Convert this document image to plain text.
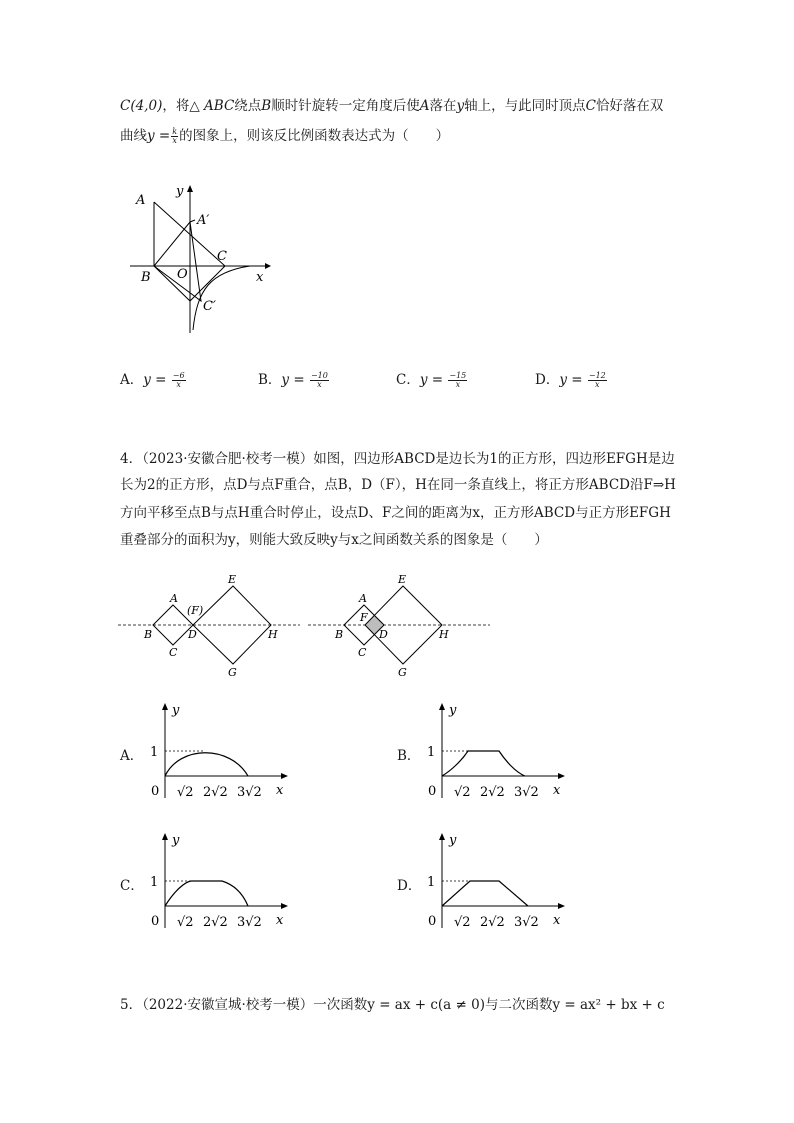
C(4,0)，将△ ABC绕点B顺时针旋转一定角度后使A落在y轴上，与此同时顶点C恰好落在双
曲线$y = \frac{k}{x}$ 的图象上，则该反比例函数表达式为（　　）
A
A′
y
C
B O	x
C′
A．$y = \frac{-6}{x}$	B．$y = \frac{-10}{x}$	C．$y = \frac{-15}{x}$	D．$y = \frac{-12}{x}$
4．（2023·安徽合肥·校考一模）如图，四边形ABCD是边长为1的正方形，四边形EFGH是边
长为2的正方形，点D与点F重合，点B，D（F），H在同一条直线上，将正方形ABCD沿F⇒H
方向平移至点B与点H重合时停止，设点D、F之间的距离为x，正方形ABCD与正方形EFGH
重叠部分的面积为y，则能大致反映y与x之间函数关系的图象是（　　）
A
(F)
E
B	D	H
C
G
A
F
E
B	D	H
C
G
A．	B．
C．	D．
y
1
0 √2 2√2 3√2 x
y
1
0 √2 2√2 3√2 x
y
1
0 √2 2√2 3√2 x
y
1
0 √2 2√2 3√2 x
5．（2022·安徽宣城·校考一模）一次函数y = ax + c(a ≠ 0)与二次函数y = ax² + bx + c
